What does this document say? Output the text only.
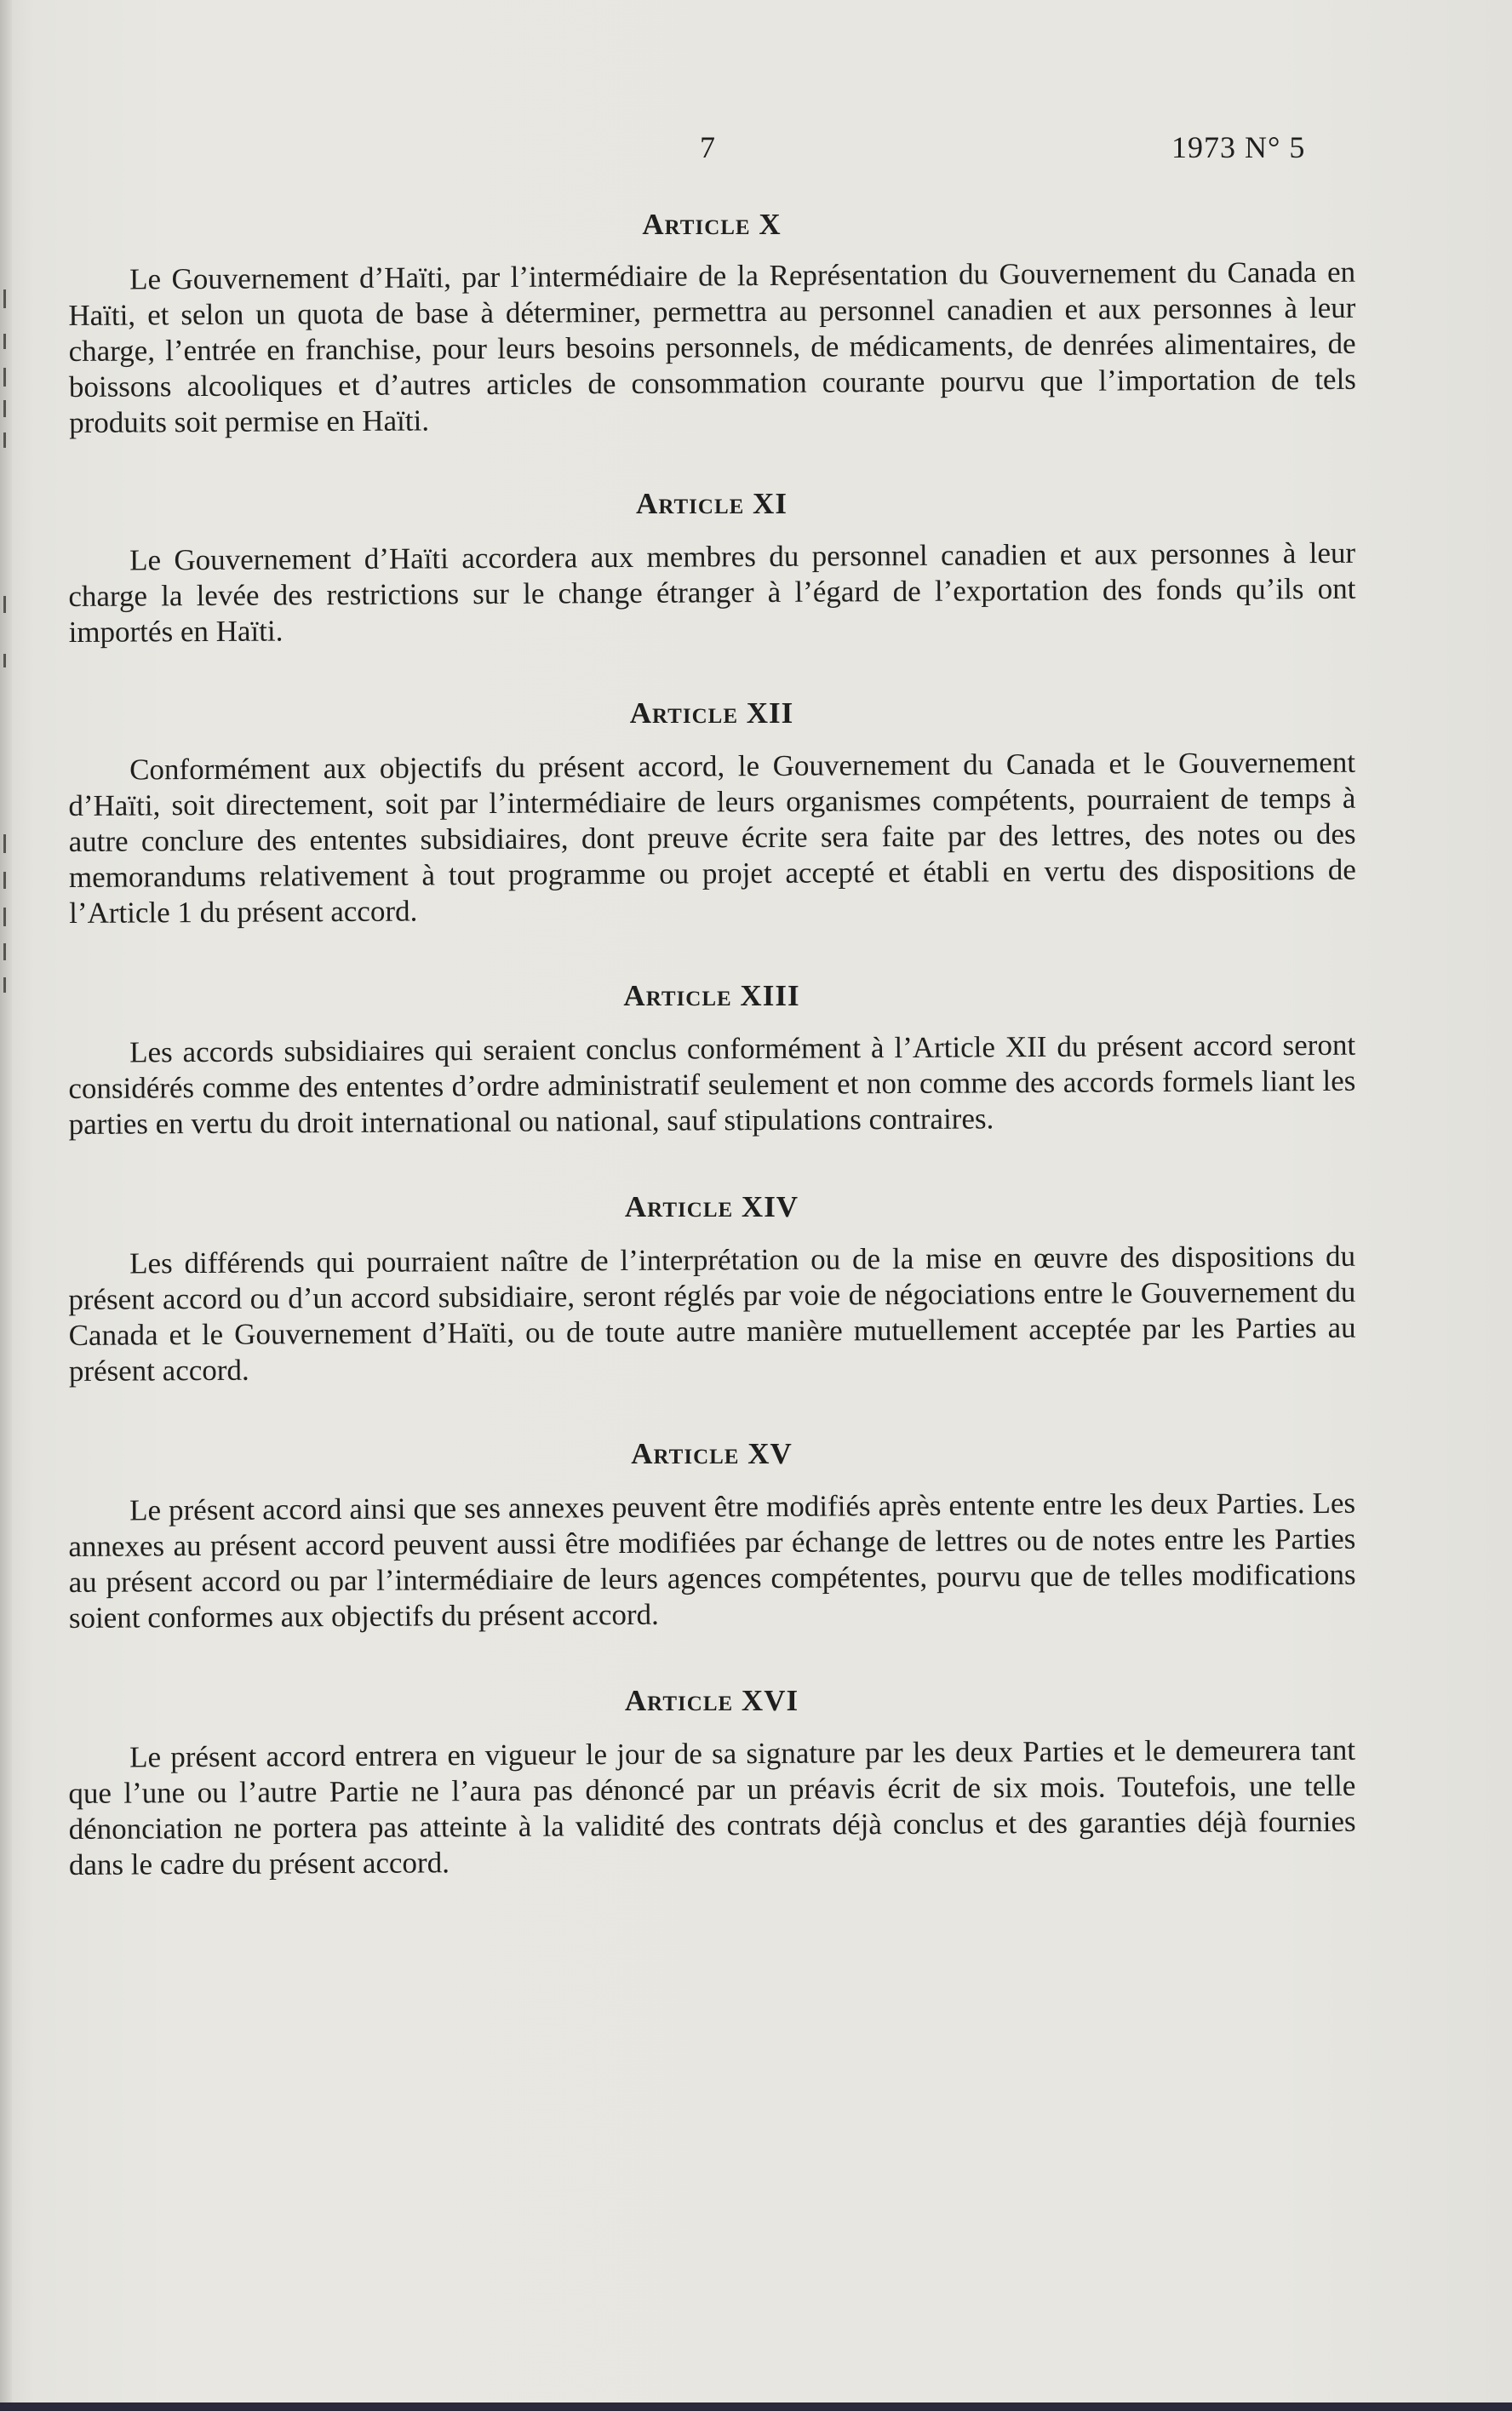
7	1973 N° 5
Article X

Le Gouvernement d’Haïti, par l’intermédiaire de la Représentation du Gouvernement du Canada en Haïti, et selon un quota de base à déterminer, permettra au personnel canadien et aux personnes à leur charge, l’entrée en franchise, pour leurs besoins personnels, de médicaments, de denrées alimentaires, de boissons alcooliques et d’autres articles de consommation courante pourvu que l’importation de tels produits soit permise en Haïti.

Article XI

Le Gouvernement d’Haïti accordera aux membres du personnel canadien et aux personnes à leur charge la levée des restrictions sur le change étranger à l’égard de l’exportation des fonds qu’ils ont importés en Haïti.

Article XII

Conformément aux objectifs du présent accord, le Gouvernement du Canada et le Gouvernement d’Haïti, soit directement, soit par l’intermédiaire de leurs organismes compétents, pourraient de temps à autre conclure des ententes subsidiaires, dont preuve écrite sera faite par des lettres, des notes ou des memorandums relativement à tout programme ou projet accepté et établi en vertu des dispositions de l’Article 1 du présent accord.

Article XIII

Les accords subsidiaires qui seraient conclus conformément à l’Article XII du présent accord seront considérés comme des ententes d’ordre administratif seulement et non comme des accords formels liant les parties en vertu du droit international ou national, sauf stipulations contraires.

Article XIV

Les différends qui pourraient naître de l’interprétation ou de la mise en œuvre des dispositions du présent accord ou d’un accord subsidiaire, seront réglés par voie de négociations entre le Gouvernement du Canada et le Gouvernement d’Haïti, ou de toute autre manière mutuellement acceptée par les Parties au présent accord.

Article XV

Le présent accord ainsi que ses annexes peuvent être modifiés après entente entre les deux Parties. Les annexes au présent accord peuvent aussi être modifiées par échange de lettres ou de notes entre les Parties au présent accord ou par l’intermédiaire de leurs agences compétentes, pourvu que de telles modifications soient conformes aux objectifs du présent accord.

Article XVI

Le présent accord entrera en vigueur le jour de sa signature par les deux Parties et le demeurera tant que l’une ou l’autre Partie ne l’aura pas dénoncé par un préavis écrit de six mois. Toutefois, une telle dénonciation ne portera pas atteinte à la validité des contrats déjà conclus et des garanties déjà fournies dans le cadre du présent accord.
